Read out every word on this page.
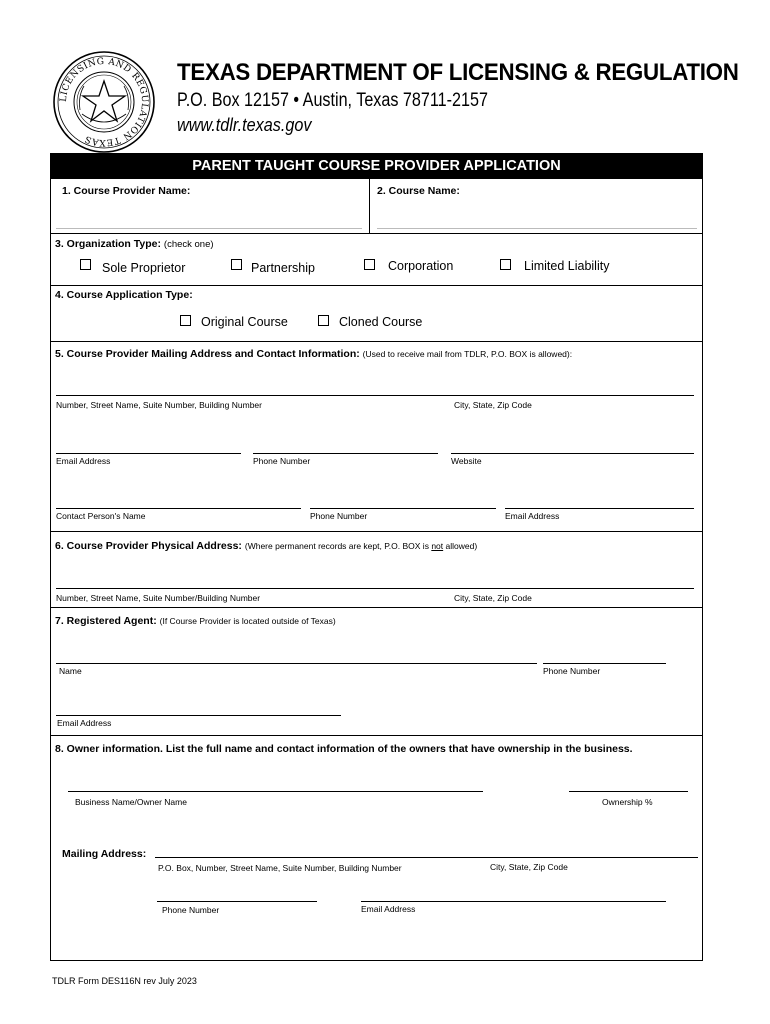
LICENSING AND REGULATION TEXAS
TEXAS DEPARTMENT OF LICENSING & REGULATION
P.O. Box 12157 • Austin, Texas 78711-2157
www.tdlr.texas.gov
PARENT TAUGHT COURSE PROVIDER APPLICATION
1. Course Provider Name:	2. Course Name:
3. Organization Type: (check one)
Sole Proprietor	Partnership	Corporation	Limited Liability
4. Course Application Type:
Original Course	Cloned Course
5. Course Provider Mailing Address and Contact Information: (Used to receive mail from TDLR, P.O. BOX is allowed):
Number, Street Name, Suite Number, Building Number	City, State, Zip Code
Email Address	Phone Number	Website
Contact Person's Name	Phone Number	Email Address
6. Course Provider Physical Address: (Where permanent records are kept, P.O. BOX is not allowed)
Number, Street Name, Suite Number/Building Number	City, State, Zip Code
7. Registered Agent: (If Course Provider is located outside of Texas)
Name	Phone Number
Email Address
8. Owner information. List the full name and contact information of the owners that have ownership in the business.
Business Name/Owner Name	Ownership %
Mailing Address:
P.O. Box, Number, Street Name, Suite Number, Building Number	City, State, Zip Code
Phone Number	Email Address
TDLR Form DES116N rev July 2023
